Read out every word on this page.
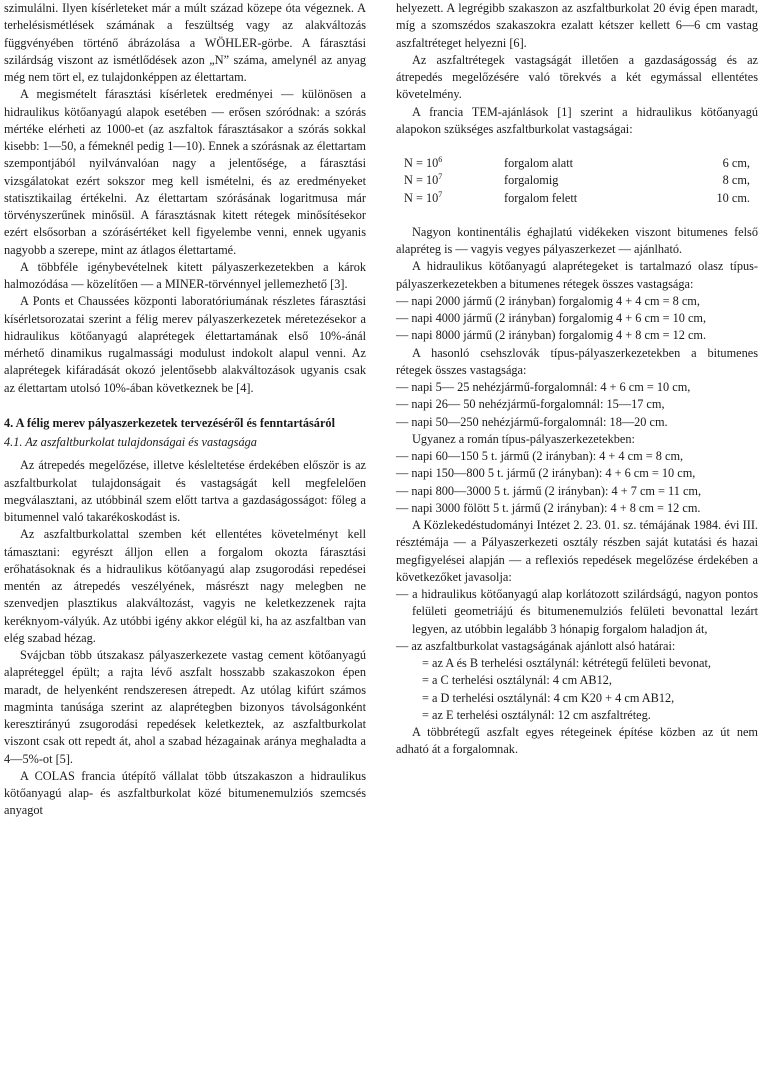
szimulálni. Ilyen kísérleteket már a múlt század közepe óta végeznek. A terhelésismétlések számának a feszültség vagy az alakváltozás függvényében történő ábrázolása a WÖHLER-görbe. A fárasztási szilárdság viszont az ismétlődések azon „N” száma, amelynél az anyag még nem tört el, ez tulajdonképpen az élettartam.

A megismételt fárasztási kísérletek eredményei — különösen a hidraulikus kötőanyagú alapok esetében — erősen szóródnak: a szórás mértéke elérheti az 1000-et (az aszfaltok fárasztásakor a szórás sokkal kisebb: 1—50, a fémeknél pedig 1—10). Ennek a szórásnak az élettartam szempontjából nyilvánvalóan nagy a jelentősége, a fárasztási vizsgálatokat ezért sokszor meg kell ismételni, és az eredményeket statisztikailag értékelni. Az élettartam szórásának logaritmusa már törvényszerűnek minősül. A fárasztásnak kitett rétegek minősítésekor ezért elsősorban a szórásértéket kell figyelembe venni, ennek ugyanis nagyobb a szerepe, mint az átlagos élettartamé.

A többféle igénybevételnek kitett pályaszerkezetekben a károk halmozódása — közelítően — a MINER-törvénnyel jellemezhető [3].

A Ponts et Chaussées központi laboratóriumának részletes fárasztási kísérletsorozatai szerint a félig merev pályaszerkezetek méretezésekor a hidraulikus kötőanyagú alaprétegek élettartamának első 10%-ánál mérhető dinamikus rugalmassági modulust indokolt alapul venni. Az alaprétegek kifáradását okozó jelentősebb alakváltozások ugyanis csak az élettartam utolsó 10%-ában következnek be [4].

4. A félig merev pályaszerkezetek tervezéséről és fenntartásáról

4.1. Az aszfaltburkolat tulajdonságai és vastagsága

Az átrepedés megelőzése, illetve késleltetése érdekében először is az aszfaltburkolat tulajdonságait és vastagságát kell megfelelően megválasztani, az utóbbinál szem előtt tartva a gazdaságosságot: főleg a bitumennel való takarékoskodást is.

Az aszfaltburkolattal szemben két ellentétes követelményt kell támasztani: egyrészt álljon ellen a forgalom okozta fárasztási erőhatásoknak és a hidraulikus kötőanyagú alap zsugorodási repedései mentén az átrepedés veszélyének, másrészt nagy melegben ne szenvedjen plasztikus alakváltozást, vagyis ne keletkezzenek rajta keréknyom-vályúk. Az utóbbi igény akkor elégül ki, ha az aszfaltban van elég szabad hézag.

Svájcban több útszakasz pályaszerkezete vastag cement kötőanyagú alapréteggel épült; a rajta lévő aszfalt hosszabb szakaszokon épen maradt, de helyenként rendszeresen átrepedt. Az utólag kifúrt számos magminta tanúsága szerint az alaprétegben bizonyos távolságonként keresztirányú zsugorodási repedések keletkeztek, az aszfaltburkolat viszont csak ott repedt át, ahol a szabad hézagainak aránya meghaladta a 4—5%-ot [5].

A COLAS francia útépítő vállalat több útszakaszon a hidraulikus kötőanyagú alap- és aszfaltburkolat közé bitumenemulziós szemcsés anyagot

helyezett. A legrégibb szakaszon az aszfaltburkolat 20 évig épen maradt, míg a szomszédos szakaszokra ezalatt kétszer kellett 6—6 cm vastag aszfaltréteget helyezni [6].

Az aszfaltrétegek vastagságát illetően a gazdaságosság és az átrepedés megelőzésére való törekvés a két egymással ellentétes követelmény.

A francia TEM-ajánlások [1] szerint a hidraulikus kötőanyagú alapokon szükséges aszfaltburkolat vastagságai:

$N = 10^6$	forgalom alatt	6 cm,
$N = 10^7$	forgalomig	8 cm,
$N = 10^7$	forgalom felett	10 cm.

Nagyon kontinentális éghajlatú vidékeken viszont bitumenes felső alapréteg is — vagyis vegyes pályaszerkezet — ajánlható.

A hidraulikus kötőanyagú alaprétegeket is tartalmazó olasz típus-pályaszerkezetekben a bitumenes rétegek összes vastagsága:

— napi 2000 jármű (2 irányban) forgalomig 4 + 4 cm = 8 cm,

— napi 4000 jármű (2 irányban) forgalomig 4 + 6 cm = 10 cm,

— napi 8000 jármű (2 irányban) forgalomig 4 + 8 cm = 12 cm.

A hasonló csehszlovák típus-pályaszerkezetekben a bitumenes rétegek összes vastagsága:

— napi 5— 25 nehézjármű-forgalomnál: 4 + 6 cm = 10 cm,

— napi 26— 50 nehézjármű-forgalomnál: 15—17 cm,

— napi 50—250 nehézjármű-forgalomnál: 18—20 cm.

Ugyanez a román típus-pályaszerkezetekben:

— napi 60—150 5 t. jármű (2 irányban): 4 + 4 cm = 8 cm,

— napi 150—800 5 t. jármű (2 irányban): 4 + 6 cm = 10 cm,

— napi 800—3000 5 t. jármű (2 irányban): 4 + 7 cm = 11 cm,

— napi 3000 fölött 5 t. jármű (2 irányban): 4 + 8 cm = 12 cm.

A Közlekedéstudományi Intézet 2. 23. 01. sz. témájának 1984. évi III. résztémája — a Pályaszerkezeti osztály részben saját kutatási és hazai megfigyelései alapján — a reflexiós repedések megelőzése érdekében a következőket javasolja:

— a hidraulikus kötőanyagú alap korlátozott szilárdságú, nagyon pontos felületi geometriájú és bitumenemulziós felületi bevonattal lezárt legyen, az utóbbin legalább 3 hónapig forgalom haladjon át,

— az aszfaltburkolat vastagságának ajánlott alsó határai:

= az A és B terhelési osztálynál: kétrétegű felületi bevonat,

= a C terhelési osztálynál: 4 cm AB12,

= a D terhelési osztálynál: 4 cm K20 + 4 cm AB12,

= az E terhelési osztálynál: 12 cm aszfaltréteg.

A többrétegű aszfalt egyes rétegeinek építése közben az út nem adható át a forgalomnak.
